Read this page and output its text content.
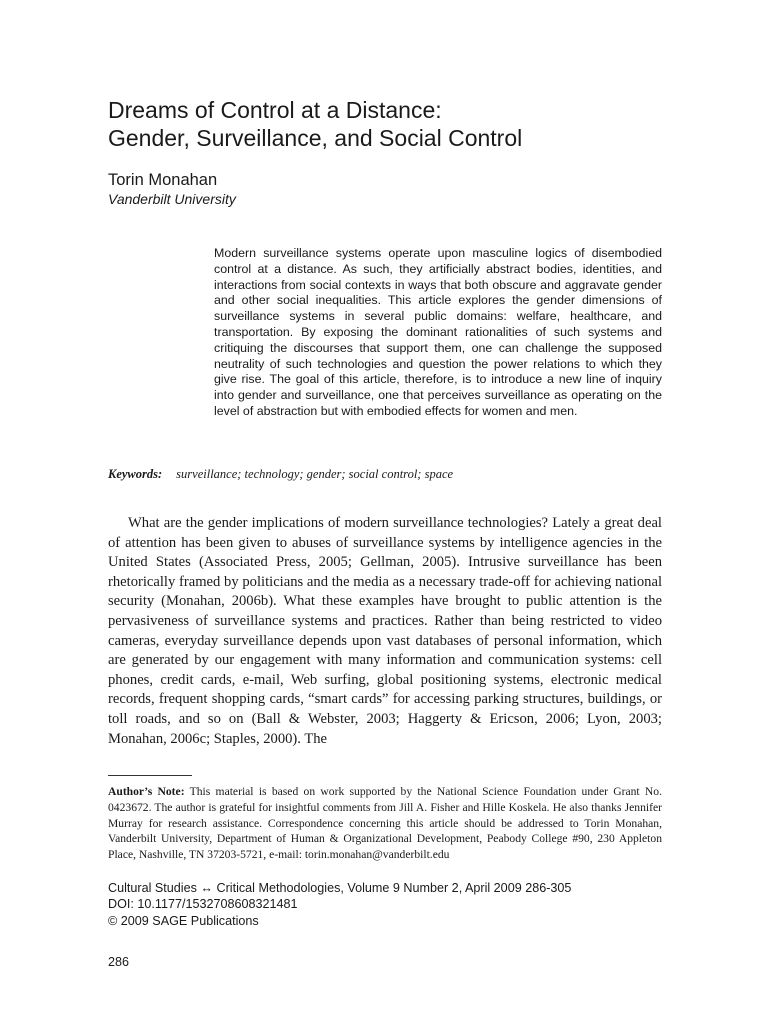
Dreams of Control at a Distance:
Gender, Surveillance, and Social Control
Torin Monahan
Vanderbilt University

Modern surveillance systems operate upon masculine logics of disembodied control at a distance. As such, they artificially abstract bodies, identities, and interactions from social contexts in ways that both obscure and aggravate gender and other social inequalities. This article explores the gender dimensions of surveillance systems in several public domains: welfare, healthcare, and transportation. By exposing the dominant rationalities of such systems and critiquing the discourses that support them, one can challenge the supposed neutrality of such technologies and question the power relations to which they give rise. The goal of this article, therefore, is to introduce a new line of inquiry into gender and surveillance, one that perceives surveillance as operating on the level of abstraction but with embodied effects for women and men.

Keywords: surveillance; technology; gender; social control; space

What are the gender implications of modern surveillance technologies? Lately a great deal of attention has been given to abuses of surveillance systems by intelligence agencies in the United States (Associated Press, 2005; Gellman, 2005). Intrusive surveillance has been rhetorically framed by politicians and the media as a necessary trade-off for achieving national security (Monahan, 2006b). What these examples have brought to public attention is the pervasiveness of surveillance systems and practices. Rather than being restricted to video cameras, everyday surveillance depends upon vast databases of personal information, which are generated by our engagement with many information and communication systems: cell phones, credit cards, e-mail, Web surfing, global positioning systems, electronic medical records, frequent shopping cards, “smart cards” for accessing parking structures, buildings, or toll roads, and so on (Ball & Webster, 2003; Haggerty & Ericson, 2006; Lyon, 2003; Monahan, 2006c; Staples, 2000). The

Author’s Note: This material is based on work supported by the National Science Foundation under Grant No. 0423672. The author is grateful for insightful comments from Jill A. Fisher and Hille Koskela. He also thanks Jennifer Murray for research assistance. Correspondence concerning this article should be addressed to Torin Monahan, Vanderbilt University, Department of Human & Organizational Development, Peabody College #90, 230 Appleton Place, Nashville, TN 37203-5721, e-mail: torin.monahan@vanderbilt.edu

Cultural Studies ↔ Critical Methodologies, Volume 9 Number 2, April 2009 286-305
DOI: 10.1177/1532708608321481
© 2009 SAGE Publications
286
